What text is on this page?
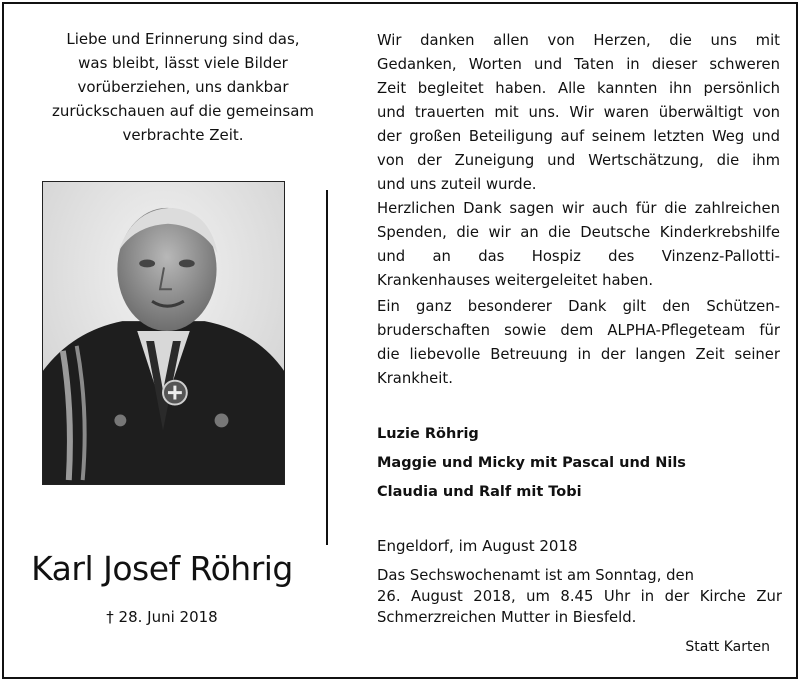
Liebe und Erinnerung sind das,
was bleibt, lässt viele Bilder
vorüberziehen, uns dankbar
zurückschauen auf die gemeinsam
verbrachte Zeit.
Karl Josef Röhrig
† 28. Juni 2018
Wir danken allen von Herzen, die uns mit
Gedanken, Worten und Taten in dieser schweren
Zeit begleitet haben. Alle kannten ihn persönlich
und trauerten mit uns. Wir waren überwältigt von
der großen Beteiligung auf seinem letzten Weg und
von der Zuneigung und Wertschätzung, die ihm
und uns zuteil wurde.
Herzlichen Dank sagen wir auch für die zahlreichen
Spenden, die wir an die Deutsche Kinderkrebshilfe
und an das Hospiz des Vinzenz-Pallotti-
Krankenhauses weitergeleitet haben.
Ein ganz besonderer Dank gilt den Schützen-
bruderschaften sowie dem ALPHA-Pflegeteam für
die liebevolle Betreuung in der langen Zeit seiner
Krankheit.
Luzie Röhrig
Maggie und Micky mit Pascal und Nils
Claudia und Ralf mit Tobi
Engeldorf, im August 2018
Das Sechswochenamt ist am Sonntag, den
26. August 2018, um 8.45 Uhr in der Kirche Zur
Schmerzreichen Mutter in Biesfeld.
Statt Karten
